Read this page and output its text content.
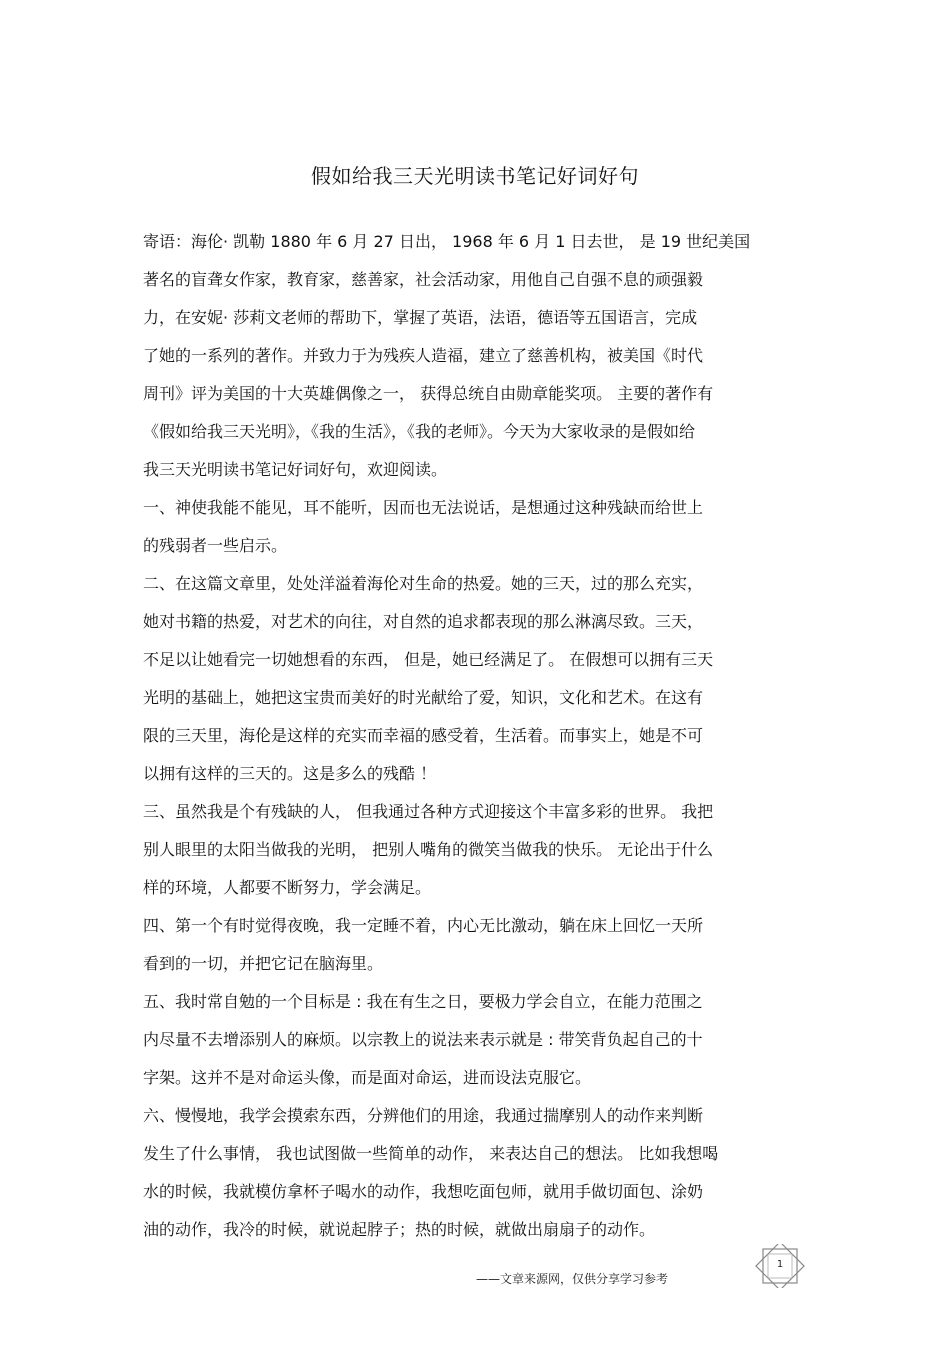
假如给我三天光明读书笔记好词好句
寄语：海伦· 凯勒 1880 年 6 月 27 日出， 1968 年 6 月 1 日去世， 是 19 世纪美国
著名的盲聋女作家，教育家，慈善家，社会活动家，用他自己自强不息的顽强毅
力，在安妮· 莎莉文老师的帮助下，掌握了英语，法语，德语等五国语言，完成
了她的一系列的著作。并致力于为残疾人造福，建立了慈善机构，被美国《时代
周刊》评为美国的十大英雄偶像之一， 获得总统自由勋章能奖项。 主要的著作有
《假如给我三天光明》，《我的生活》，《我的老师》。今天为大家收录的是假如给
我三天光明读书笔记好词好句，欢迎阅读。
一、神使我能不能见，耳不能听，因而也无法说话，是想通过这种残缺而给世上
的残弱者一些启示。
二、在这篇文章里，处处洋溢着海伦对生命的热爱。她的三天，过的那么充实，
她对书籍的热爱，对艺术的向往，对自然的追求都表现的那么淋漓尽致。三天，
不足以让她看完一切她想看的东西， 但是，她已经满足了。 在假想可以拥有三天
光明的基础上，她把这宝贵而美好的时光献给了爱，知识，文化和艺术。在这有
限的三天里，海伦是这样的充实而幸福的感受着，生活着。而事实上，她是不可
以拥有这样的三天的。这是多么的残酷 ！
三、虽然我是个有残缺的人， 但我通过各种方式迎接这个丰富多彩的世界。 我把
别人眼里的太阳当做我的光明， 把别人嘴角的微笑当做我的快乐。 无论出于什么
样的环境，人都要不断努力，学会满足。
四、第一个有时觉得夜晚，我一定睡不着，内心无比激动，躺在床上回忆一天所
看到的一切，并把它记在脑海里。
五、我时常自勉的一个目标是 : 我在有生之日，要极力学会自立，在能力范围之
内尽量不去增添别人的麻烦。以宗教上的说法来表示就是 : 带笑背负起自己的十
字架。这并不是对命运头像，而是面对命运，进而设法克服它。
六、慢慢地，我学会摸索东西，分辨他们的用途，我通过揣摩别人的动作来判断
发生了什么事情， 我也试图做一些简单的动作， 来表达自己的想法。 比如我想喝
水的时候，我就模仿拿杯子喝水的动作，我想吃面包师，就用手做切面包、涂奶
油的动作，我冷的时候，就说起脖子；热的时候，就做出扇扇子的动作。
——文章来源网，仅供分享学习参考
1
